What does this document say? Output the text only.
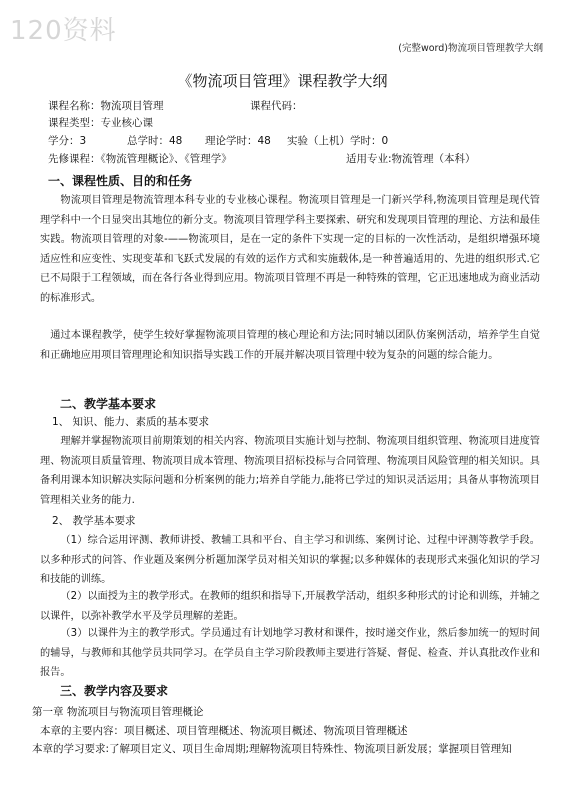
120资料
(完整word)物流项目管理教学大纲
《物流项目管理》课程教学大纲
课程名称：物流项目管理	课程代码：
课程类型：专业核心课
学分：3	总学时：48 理论学时：48 实验（上机）学时：0
先修课程：《物流管理概论》、《管理学》	适用专业:物流管理（本科）
一、课程性质、目的和任务

物流项目管理是物流管理本科专业的专业核心课程。物流项目管理是一门新兴学科,物流项目管理是现代管理学科中一个日显突出其地位的新分支。物流项目管理学科主要探索、研究和发现项目管理的理论、方法和最佳实践。物流项目管理的对象-——物流项目，是在一定的条件下实现一定的目标的一次性活动，是组织增强环境适应性和应变性、实现变革和飞跃式发展的有效的运作方式和实施载体,是一种普遍适用的、先进的组织形式.它已不局限于工程领域，而在各行各业得到应用。物流项目管理不再是一种特殊的管理，它正迅速地成为商业活动的标准形式。

通过本课程教学，使学生较好掌握物流项目管理的核心理论和方法;同时辅以团队仿案例活动，培养学生自觉和正确地应用项目管理理论和知识指导实践工作的开展并解决项目管理中较为复杂的问题的综合能力。

二、教学基本要求
1、 知识、能力、素质的基本要求

理解并掌握物流项目前期策划的相关内容、物流项目实施计划与控制、物流项目组织管理、物流项目进度管理、物流项目质量管理、物流项目成本管理、物流项目招标投标与合同管理、物流项目风险管理的相关知识。具备利用课本知识解决实际问题和分析案例的能力;培养自学能力,能将已学过的知识灵活运用；具备从事物流项目管理相关业务的能力.

2、 教学基本要求

（1）综合运用评测、教师讲授、教辅工具和平台、自主学习和训练、案例讨论、过程中评测等教学手段。以多种形式的问答、作业题及案例分析题加深学员对相关知识的掌握;以多种媒体的表现形式来强化知识的学习和技能的训练。

（2）以面授为主的教学形式。在教师的组织和指导下,开展教学活动，组织多种形式的讨论和训练，并辅之以课件，以弥补教学水平及学员理解的差距。

（3）以课件为主的教学形式。学员通过有计划地学习教材和课件，按时递交作业，然后参加统一的短时间的辅导，与教师和其他学员共同学习。在学员自主学习阶段教师主要进行答疑、督促、检查、并认真批改作业和报告。

三、教学内容及要求
第一章 物流项目与物流项目管理概论
本章的主要内容：项目概述、项目管理概述、物流项目概述、物流项目管理概述
本章的学习要求:了解项目定义、项目生命周期;理解物流项目特殊性、物流项目新发展；掌握项目管理知
